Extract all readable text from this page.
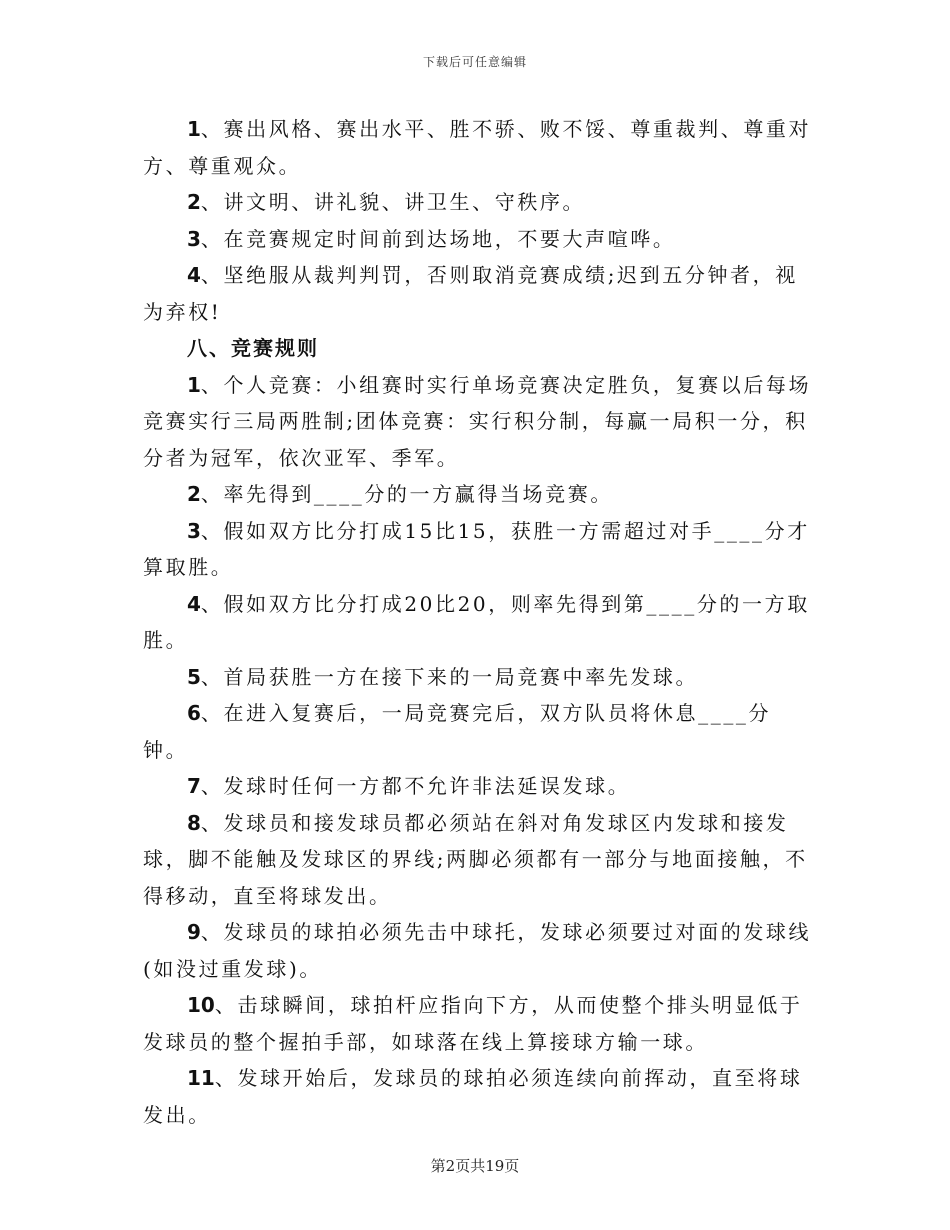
下载后可任意编辑

1、赛出风格、赛出水平、胜不骄、败不馁、尊重裁判、尊重对方、尊重观众。

2、讲文明、讲礼貌、讲卫生、守秩序。

3、在竞赛规定时间前到达场地，不要大声喧哗。

4、坚绝服从裁判判罚，否则取消竞赛成绩;迟到五分钟者，视为弃权!

八、竞赛规则

1、个人竞赛：小组赛时实行单场竞赛决定胜负，复赛以后每场竞赛实行三局两胜制;团体竞赛：实行积分制，每赢一局积一分，积分者为冠军，依次亚军、季军。

2、率先得到____分的一方赢得当场竞赛。

3、假如双方比分打成15比15，获胜一方需超过对手____分才算取胜。

4、假如双方比分打成20比20，则率先得到第____分的一方取胜。

5、首局获胜一方在接下来的一局竞赛中率先发球。

6、在进入复赛后，一局竞赛完后，双方队员将休息____分钟。

7、发球时任何一方都不允许非法延误发球。

8、发球员和接发球员都必须站在斜对角发球区内发球和接发球，脚不能触及发球区的界线;两脚必须都有一部分与地面接触，不得移动，直至将球发出。

9、发球员的球拍必须先击中球托，发球必须要过对面的发球线(如没过重发球)。

10、击球瞬间，球拍杆应指向下方，从而使整个排头明显低于发球员的整个握拍手部，如球落在线上算接球方输一球。

11、发球开始后，发球员的球拍必须连续向前挥动，直至将球发出。

第2页共19页
